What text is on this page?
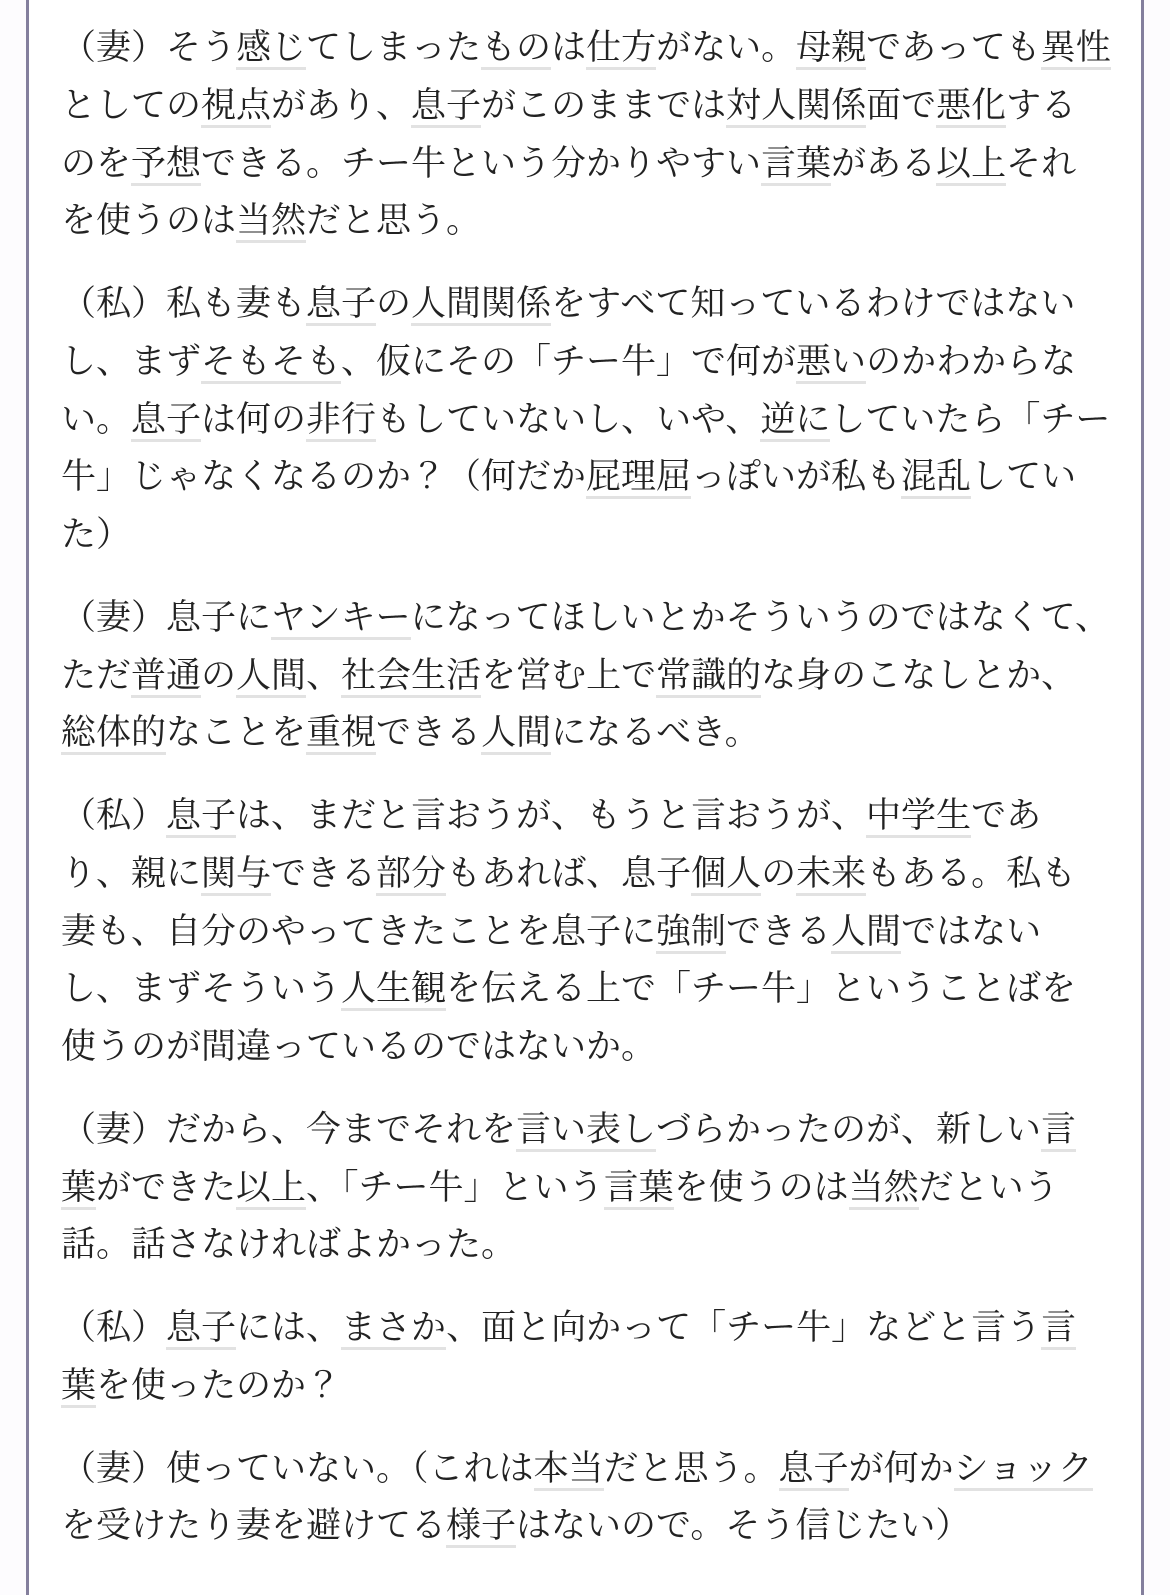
（妻）そう感じてしまったものは仕方がない。母親であっても異性としての視点があり、息子がこのままでは対人関係面で悪化するのを予想できる。チー牛という分かりやすい言葉がある以上それを使うのは当然だと思う。

（私）私も妻も息子の人間関係をすべて知っているわけではないし、まずそもそも、仮にその「チー牛」で何が悪いのかわからない。息子は何の非行もしていないし、いや、逆にしていたら「チー牛」じゃなくなるのか？（何だか屁理屈っぽいが私も混乱していた）

（妻）息子にヤンキーになってほしいとかそういうのではなくて、ただ普通の人間、社会生活を営む上で常識的な身のこなしとか、総体的なことを重視できる人間になるべき。

（私）息子は、まだと言おうが、もうと言おうが、中学生であり、親に関与できる部分もあれば、息子個人の未来もある。私も妻も、自分のやってきたことを息子に強制できる人間ではないし、まずそういう人生観を伝える上で「チー牛」ということばを使うのが間違っているのではないか。

（妻）だから、今までそれを言い表しづらかったのが、新しい言葉ができた以上、「チー牛」という言葉を使うのは当然だという話。話さなければよかった。

（私）息子には、まさか、面と向かって「チー牛」などと言う言葉を使ったのか？

（妻）使っていない。（これは本当だと思う。息子が何かショックを受けたり妻を避けてる様子はないので。そう信じたい）
